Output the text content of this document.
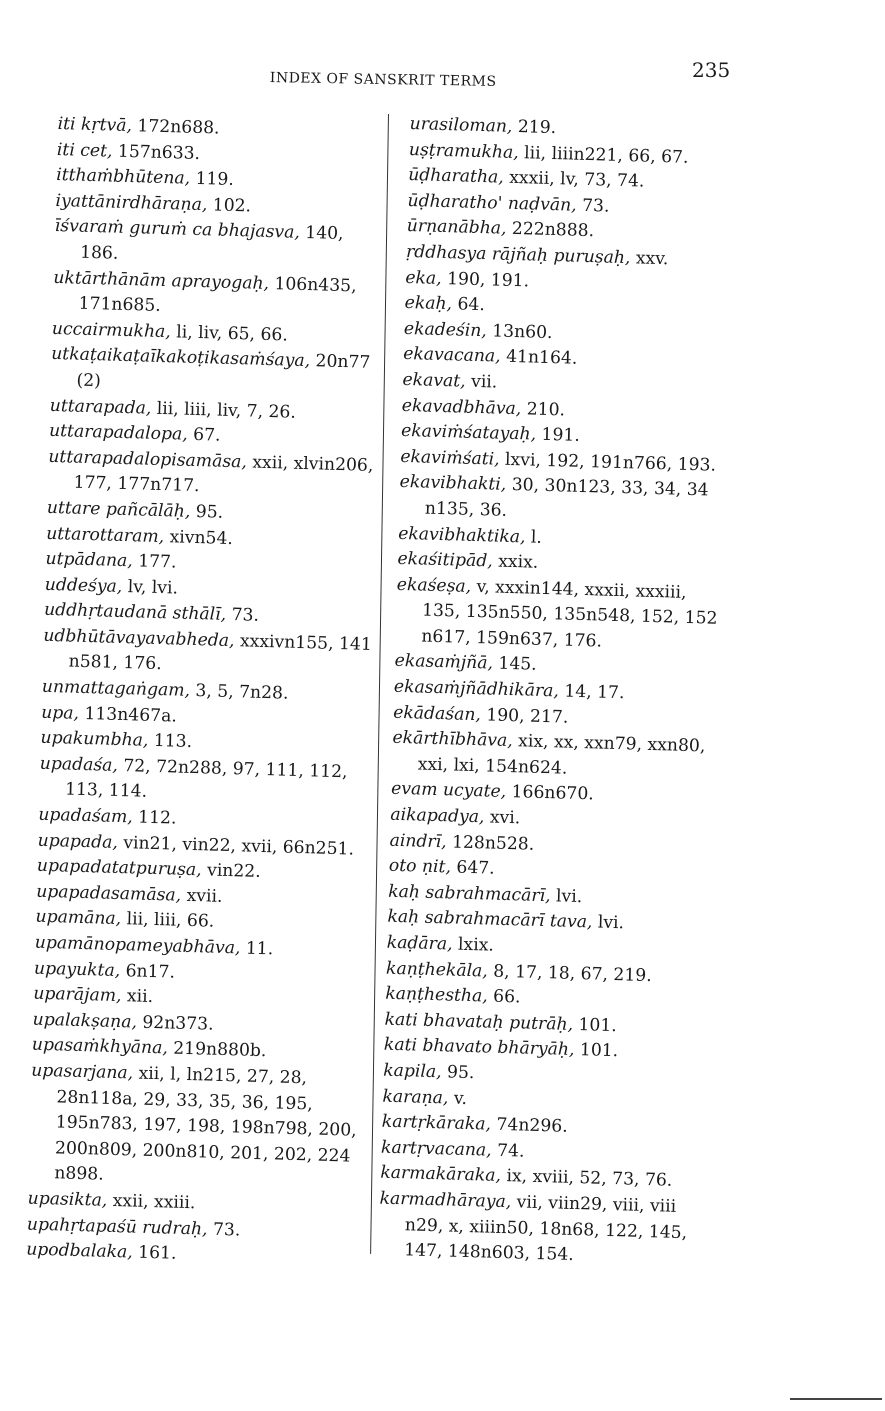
INDEX OF SANSKRIT TERMS	235
iti kṛtvā, 172n688.
iti cet, 157n633.
itthaṁbhūtena, 119.
iyattānirdhāraṇa, 102.
īśvaraṁ guruṁ ca bhajasva, 140,
186.
uktārthānām aprayogaḥ, 106n435,
171n685.
uccairmukha, li, liv, 65, 66.
utkaṭaikaṭaīkakoṭikasaṁśaya, 20n77
(2)
uttarapada, lii, liii, liv, 7, 26.
uttarapadalopa, 67.
uttarapadalopisamāsa, xxii, xlvin206,
177, 177n717.
uttare pañcālāḥ, 95.
uttarottaram, xivn54.
utpādana, 177.
uddeśya, lv, lvi.
uddhṛtaudanā sthālī, 73.
udbhūtāvayavabheda, xxxivn155, 141
n581, 176.
unmattagaṅgam, 3, 5, 7n28.
upa, 113n467a.
upakumbha, 113.
upadaśa, 72, 72n288, 97, 111, 112,
113, 114.
upadaśam, 112.
upapada, vin21, vin22, xvii, 66n251.
upapadatatpuruṣa, vin22.
upapadasamāsa, xvii.
upamāna, lii, liii, 66.
upamānopameyabhāva, 11.
upayukta, 6n17.
uparājam, xii.
upalakṣaṇa, 92n373.
upasaṁkhyāna, 219n880b.
upasarjana, xii, l, ln215, 27, 28,
28n118a, 29, 33, 35, 36, 195,
195n783, 197, 198, 198n798, 200,
200n809, 200n810, 201, 202, 224
n898.
upasikta, xxii, xxiii.
upahṛtapaśū rudraḥ, 73.
upodbalaka, 161.
urasiloman, 219.
uṣṭramukha, lii, liiin221, 66, 67.
ūḍharatha, xxxii, lv, 73, 74.
ūḍharatho' naḍvān, 73.
ūrṇanābha, 222n888.
ṛddhasya rājñaḥ puruṣaḥ, xxv.
eka, 190, 191.
ekaḥ, 64.
ekadeśin, 13n60.
ekavacana, 41n164.
ekavat, vii.
ekavadbhāva, 210.
ekaviṁśatayaḥ, 191.
ekaviṁśati, lxvi, 192, 191n766, 193.
ekavibhakti, 30, 30n123, 33, 34, 34
n135, 36.
ekavibhaktika, l.
ekaśitipād, xxix.
ekaśeṣa, v, xxxin144, xxxii, xxxiii,
135, 135n550, 135n548, 152, 152
n617, 159n637, 176.
ekasaṁjñā, 145.
ekasaṁjñādhikāra, 14, 17.
ekādaśan, 190, 217.
ekārthībhāva, xix, xx, xxn79, xxn80,
xxi, lxi, 154n624.
evam ucyate, 166n670.
aikapadya, xvi.
aindrī, 128n528.
oto ṇit, 647.
kaḥ sabrahmacārī, lvi.
kaḥ sabrahmacārī tava, lvi.
kaḍāra, lxix.
kaṇṭhekāla, 8, 17, 18, 67, 219.
kaṇṭhestha, 66.
kati bhavataḥ putrāḥ, 101.
kati bhavato bhāryāḥ, 101.
kapila, 95.
karaṇa, v.
kartṛkāraka, 74n296.
kartṛvacana, 74.
karmakāraka, ix, xviii, 52, 73, 76.
karmadhāraya, vii, viin29, viii, viii
n29, x, xiiin50, 18n68, 122, 145,
147, 148n603, 154.
